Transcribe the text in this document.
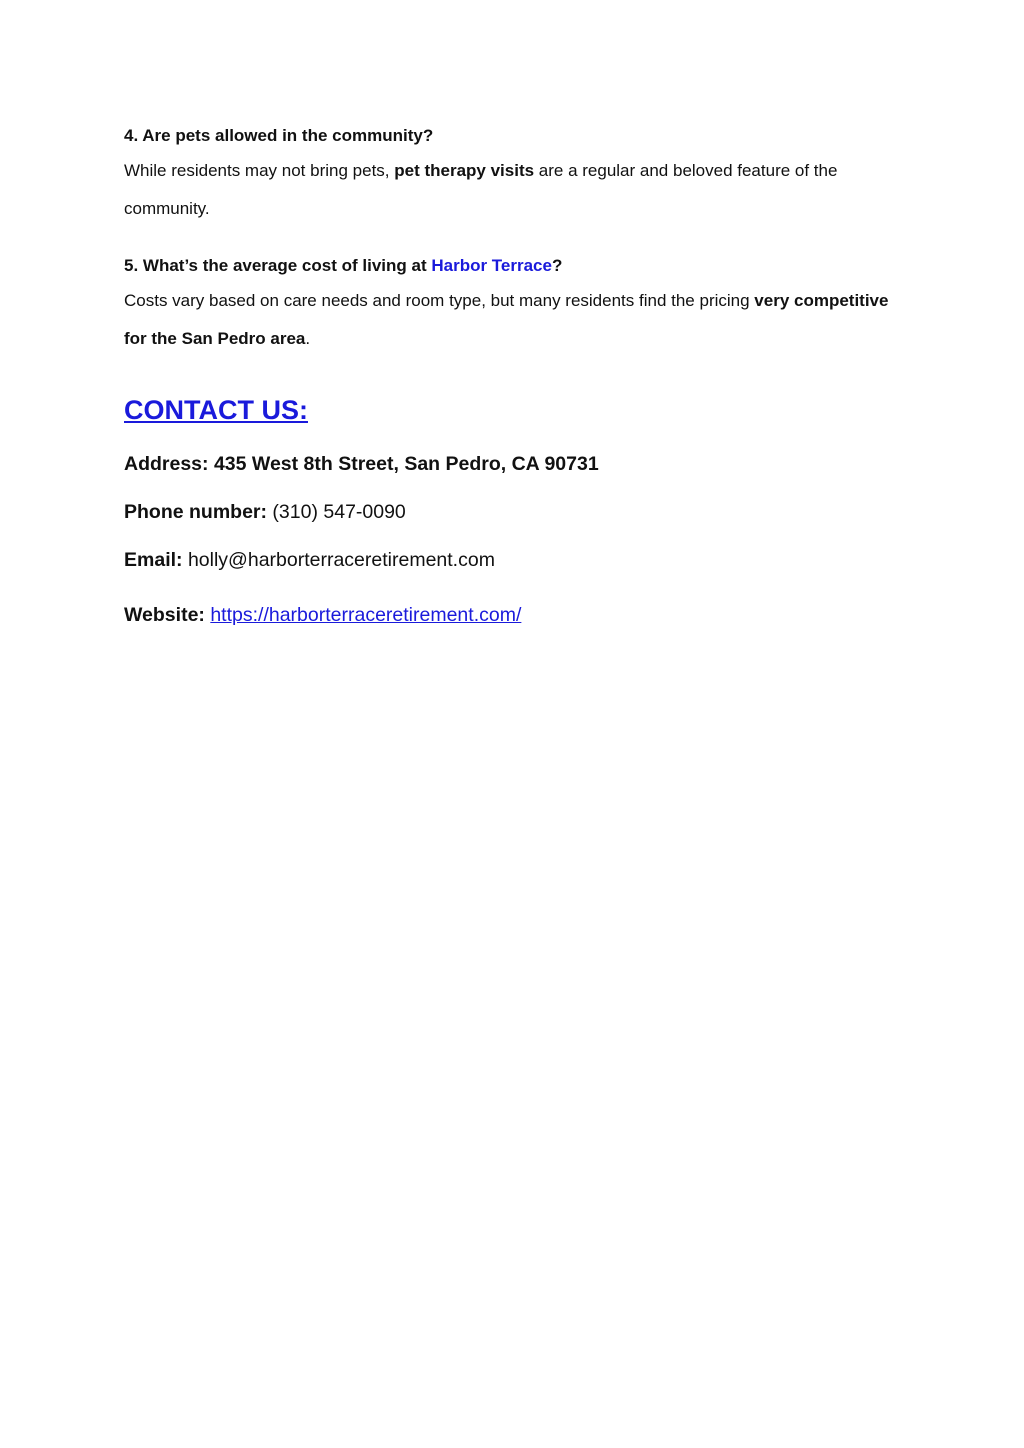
4. Are pets allowed in the community?

While residents may not bring pets, pet therapy visits are a regular and beloved feature of the community.

5. What’s the average cost of living at Harbor Terrace?

Costs vary based on care needs and room type, but many residents find the pricing very competitive for the San Pedro area.

CONTACT US:

Address: 435 West 8th Street, San Pedro, CA 90731

Phone number: (310) 547-0090

Email: holly@harborterraceretirement.com

Website: https://harborterraceretirement.com/
